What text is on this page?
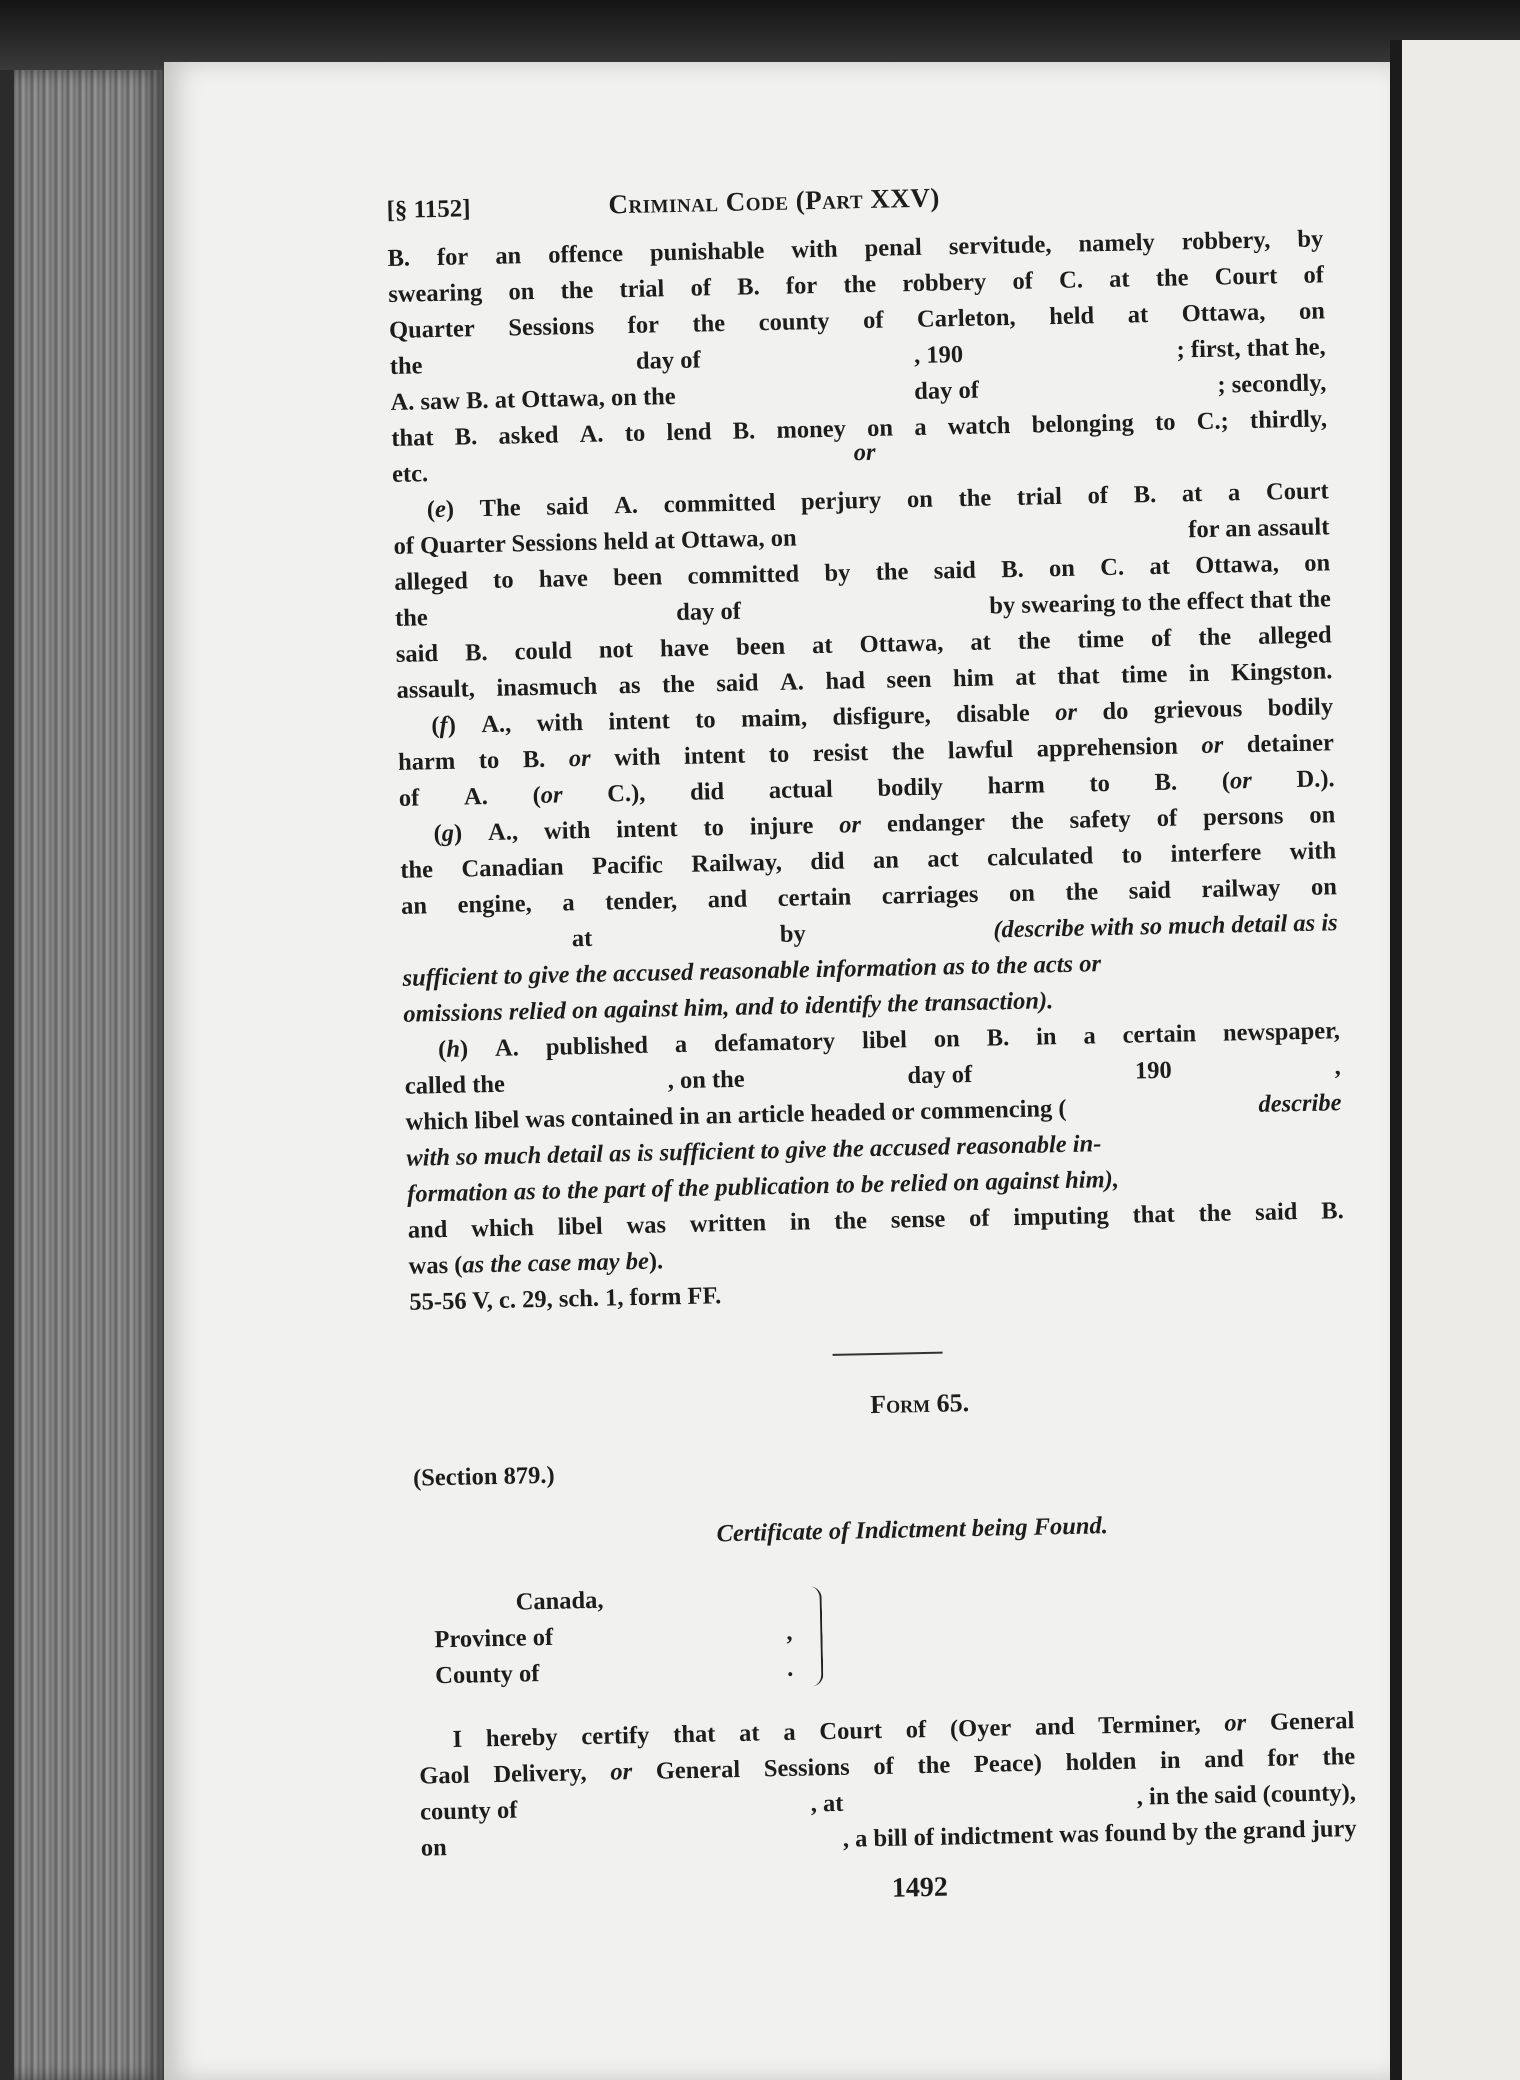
[§ 1152]	Criminal Code (Part XXV)
B. for an offence punishable with penal servitude, namely robbery, by
swearing on the trial of B. for the robbery of C. at the Court of
Quarter Sessions for the county of Carleton, held at Ottawa, on
the	day of	, 190	; first, that he,
A. saw B. at Ottawa, on the	day of	; secondly,
that B. asked A. to lend B. money on a watch belonging to C.; thirdly,
etc.
or
(e) The said A. committed perjury on the trial of B. at a Court
of Quarter Sessions held at Ottawa, on	for an assault
alleged to have been committed by the said B. on C. at Ottawa, on
the	day of	by swearing to the effect that the
said B. could not have been at Ottawa, at the time of the alleged
assault, inasmuch as the said A. had seen him at that time in Kingston.
(f) A., with intent to maim, disfigure, disable or do grievous bodily
harm to B. or with intent to resist the lawful apprehension or detainer
of A. (or C.), did actual bodily harm to B. (or D.).
(g) A., with intent to injure or endanger the safety of persons on
the Canadian Pacific Railway, did an act calculated to interfere with
an engine, a tender, and certain carriages on the said railway on
at	by	(describe with so much detail as is
sufficient to give the accused reasonable information as to the acts or
omissions relied on against him, and to identify the transaction).
(h) A. published a defamatory libel on B. in a certain newspaper,
called the	, on the	day of	190	,
which libel was contained in an article headed or commencing (	describe
with so much detail as is sufficient to give the accused reasonable in-
formation as to the part of the publication to be relied on against him),
and which libel was written in the sense of imputing that the said B.
was ( as the case may be ).
55-56 V, c. 29, sch. 1, form FF.
Form 65.
(Section 879.)
Certificate of Indictment being Found.
Canada,
Province of
County of
,
.
I hereby certify that at a Court of (Oyer and Terminer, or General
Gaol Delivery, or General Sessions of the Peace) holden in and for the
county of	, at	, in the said (county),
on	, a bill of indictment was found by the grand jury
1492
